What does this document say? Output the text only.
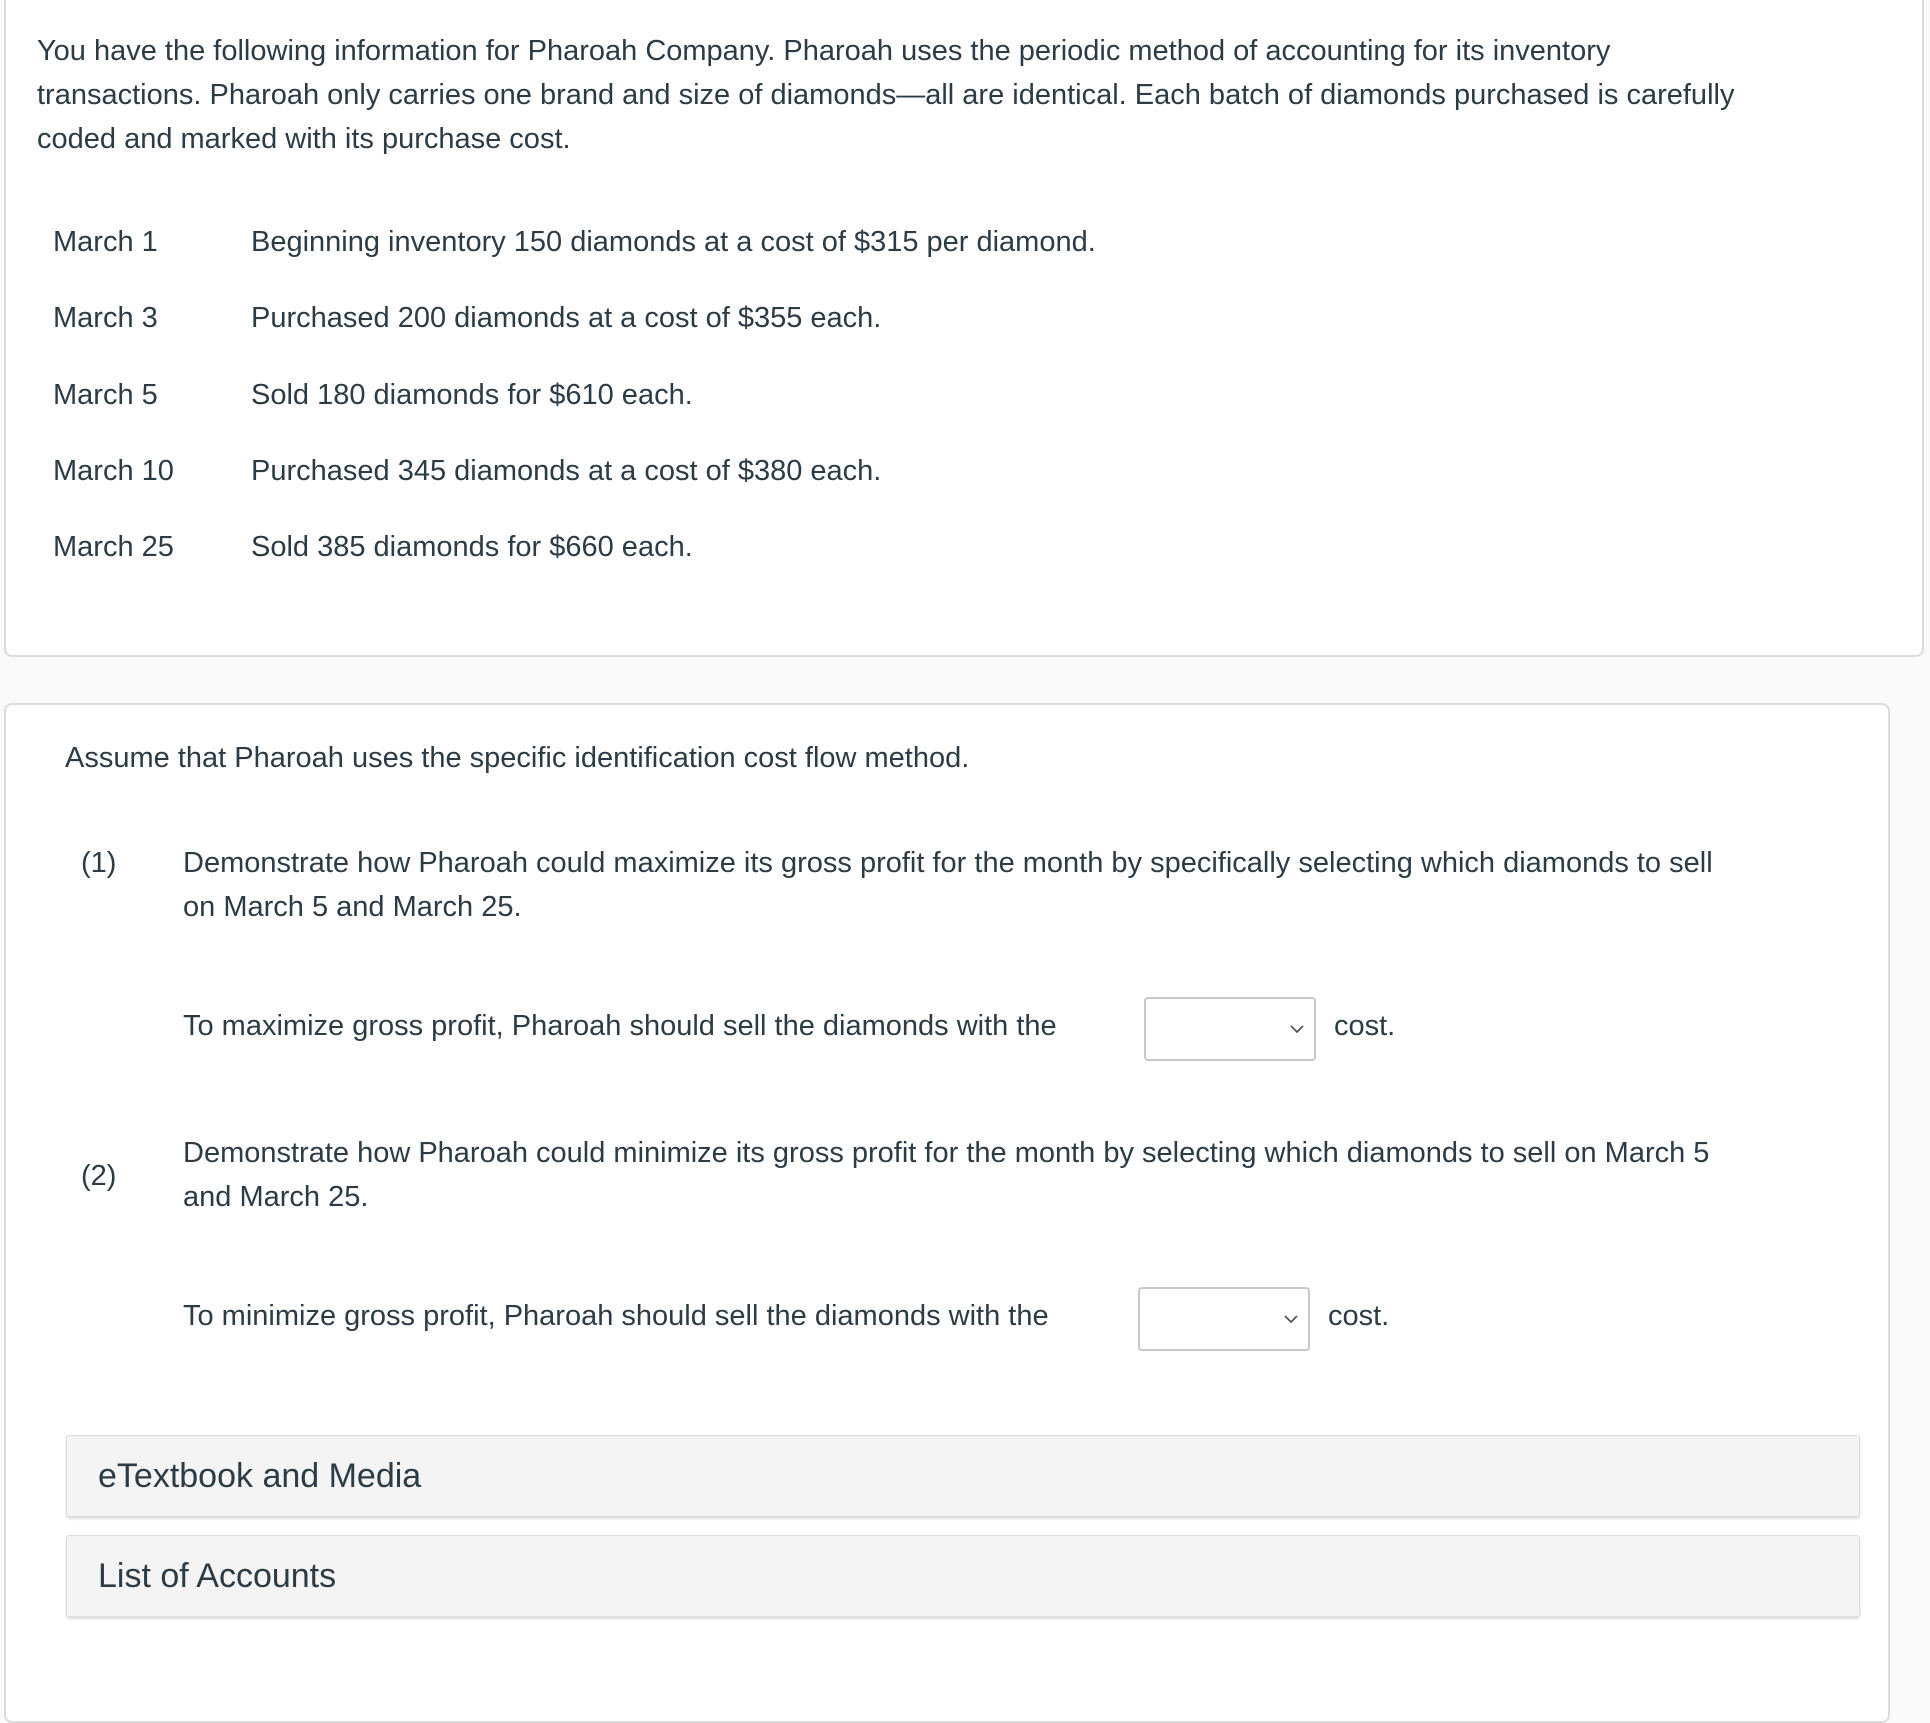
You have the following information for Pharoah Company. Pharoah uses the periodic method of accounting for its inventory
transactions. Pharoah only carries one brand and size of diamonds—all are identical. Each batch of diamonds purchased is carefully
coded and marked with its purchase cost.
March 1	Beginning inventory 150 diamonds at a cost of $315 per diamond.
March 3	Purchased 200 diamonds at a cost of $355 each.
March 5	Sold 180 diamonds for $610 each.
March 10	Purchased 345 diamonds at a cost of $380 each.
March 25	Sold 385 diamonds for $660 each.
Assume that Pharoah uses the specific identification cost flow method.
(1) Demonstrate how Pharoah could maximize its gross profit for the month by specifically selecting which diamonds to sell
on March 5 and March 25.
To maximize gross profit, Pharoah should sell the diamonds with the	cost.
(2)
Demonstrate how Pharoah could minimize its gross profit for the month by selecting which diamonds to sell on March 5
and March 25.
To minimize gross profit, Pharoah should sell the diamonds with the	cost.
eTextbook and Media
List of Accounts
